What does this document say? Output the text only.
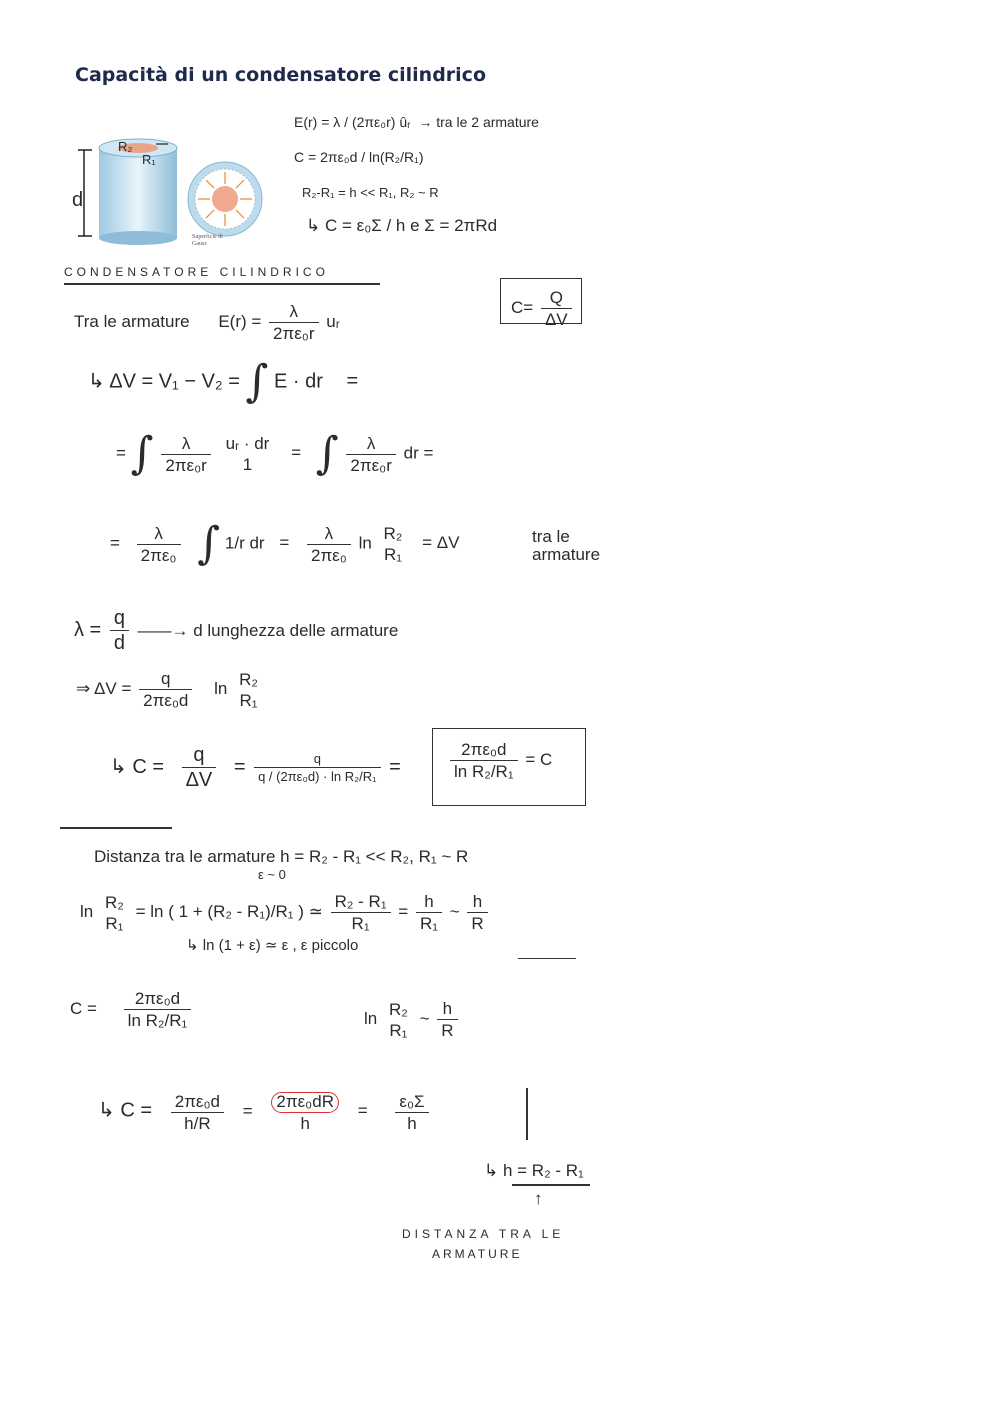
Capacità di un condensatore cilindrico
R₂
R₁
d
Superficie di Gauss
E(r) = λ / (2πε₀r) ûᵣ → tra le 2 armature
C = 2πε₀d / ln(R₂/R₁)
R₂-R₁ = h << R₁, R₂ ~ R
↳ C = ε₀Σ / h e Σ = 2πRd
CONDENSATORE CILINDRICO
$C= \frac{Q}{\Delta V}$
Tra le armature $E(r) = \frac{\lambda}{\text{2πε₀r}}$ uᵣ
↳ ΔV = V₁ − V₂ = ∫ E · dr =
= ∫ $\frac{\lambda}{\text{2πε₀r}}$
uᵣ · dr
1
= ∫ $\frac{\lambda}{\text{2πε₀r}}$ dr =
= $\frac{\lambda}{\text{2πε₀}}$ ∫ 1/r dr = $\frac{\lambda}{\text{2πε₀}}$ ln R₂
R₁
= ΔV	tra le
armature
$\lambda = \frac{q}{d}$ ——→ d lunghezza delle armature
⇒ $\Delta V = \frac{q}{\text{2πε₀d}}$ ln R₂
R₁
↳ $C = \frac{q}{\Delta V} = \frac{q}{\text{q / (2πε₀d) · ln R₂/R₁}}$ =	$\frac{\text{2πε₀d}}{\text{ln R₂/R₁}} = C$
Distanza tra le armature h = R₂ - R₁ << R₂, R₁ ~ R
ε ~ 0
ln R₂
R₁
= ln ( 1 + (R₂ - R₁)/R₁ ) ≃ $\frac{\text{R₂ - R₁}}{\text{R₁}} = \frac{h}{\text{R₁}}$ ~ $\frac{h}{R}$
↳ ln (1 + ε) ≃ ε , ε piccolo
$C = \frac{\text{2πε₀d}}{\text{ln R₂/R₁}}$	ln R₂
R₁
~ $\frac{h}{R}$
↳ $C = \frac{\text{2πε₀d}}{h/R} = \frac{\text{2πε₀dR}}{h} = \frac{\text{ε₀Σ}}{h}$
↳ h = R₂ - R₁
↑
DISTANZA TRA LE
ARMATURE
